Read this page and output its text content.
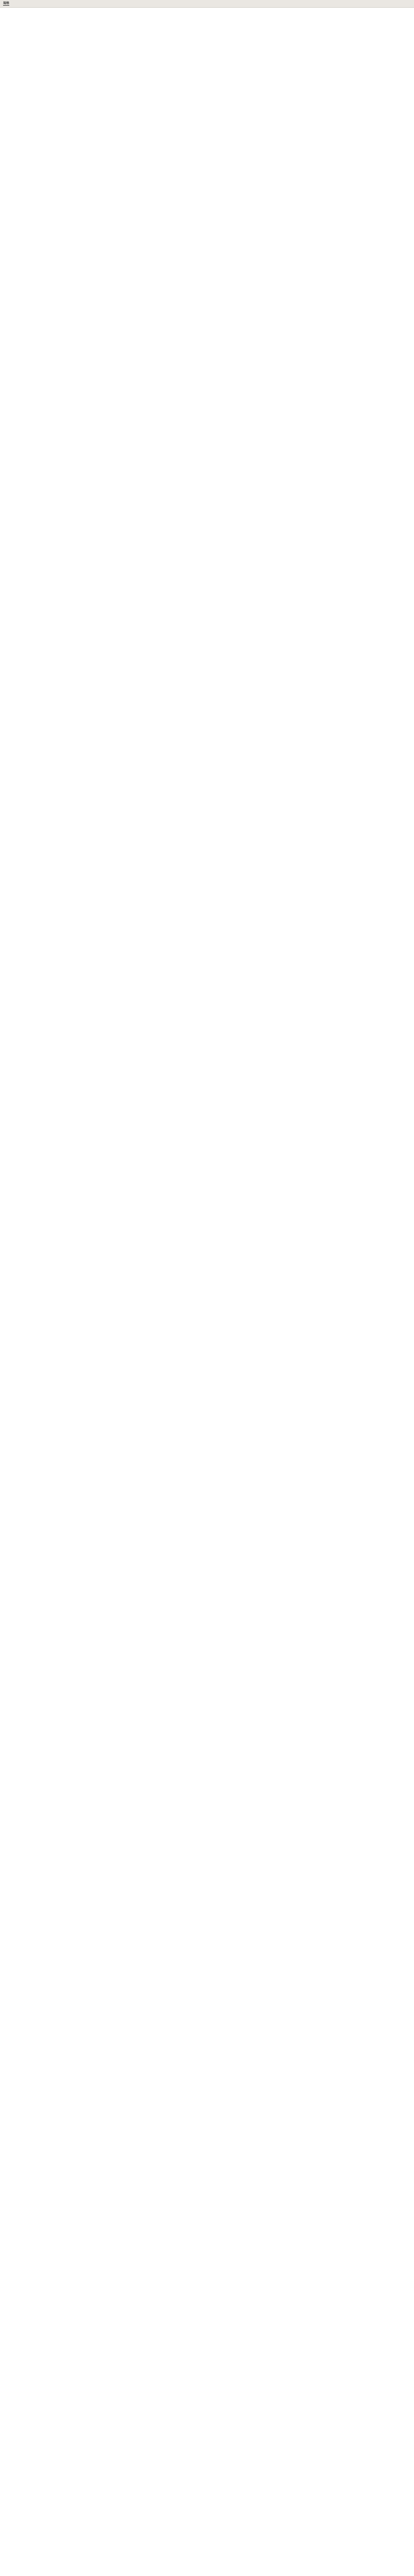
規格
